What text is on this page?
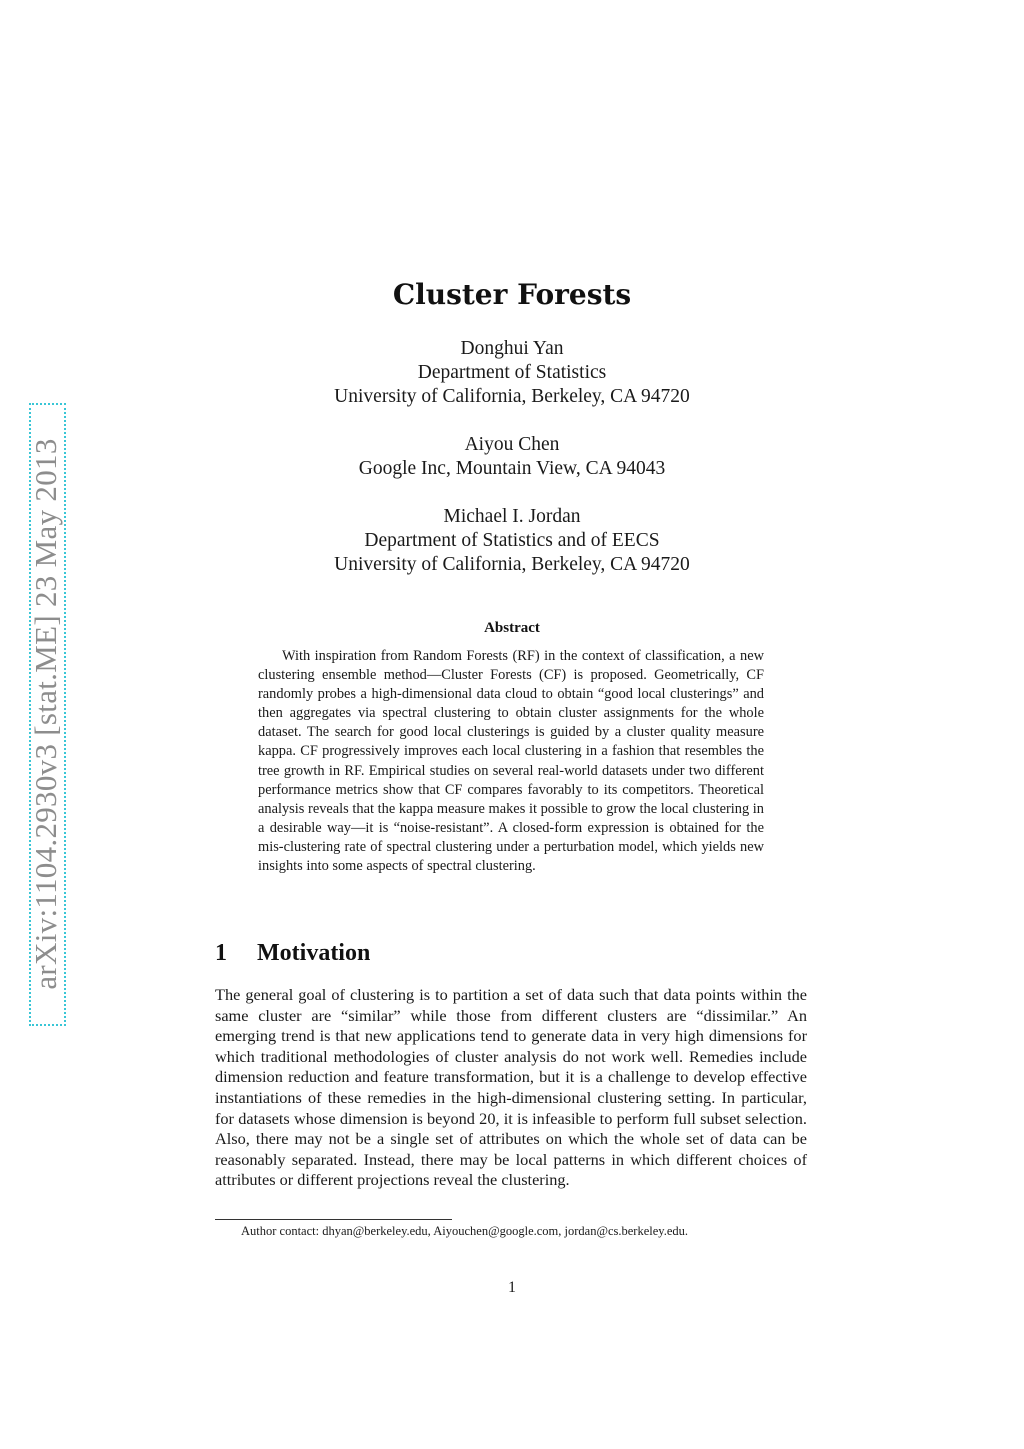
arXiv:1104.2930v3 [stat.ME] 23 May 2013
Cluster Forests
Donghui Yan
Department of Statistics
University of California, Berkeley, CA 94720
Aiyou Chen
Google Inc, Mountain View, CA 94043
Michael I. Jordan
Department of Statistics and of EECS
University of California, Berkeley, CA 94720
Abstract

With inspiration from Random Forests (RF) in the context of classification, a new clustering ensemble method—Cluster Forests (CF) is proposed. Geometrically, CF randomly probes a high-dimensional data cloud to obtain “good local clusterings” and then aggregates via spectral clustering to obtain cluster assignments for the whole dataset. The search for good local clusterings is guided by a cluster quality measure kappa. CF progressively improves each local clustering in a fashion that resembles the tree growth in RF. Empirical studies on several real-world datasets under two different performance metrics show that CF compares favorably to its competitors. Theoretical analysis reveals that the kappa measure makes it possible to grow the local clustering in a desirable way—it is “noise-resistant”. A closed-form expression is obtained for the mis-clustering rate of spectral clustering under a perturbation model, which yields new insights into some aspects of spectral clustering.

1 Motivation

The general goal of clustering is to partition a set of data such that data points within the same cluster are “similar” while those from different clusters are “dissimilar.” An emerging trend is that new applications tend to generate data in very high dimensions for which traditional methodologies of cluster analysis do not work well. Remedies include dimension reduction and feature transformation, but it is a challenge to develop effective instantiations of these remedies in the high-dimensional clustering setting. In particular, for datasets whose dimension is beyond 20, it is infeasible to perform full subset selection. Also, there may not be a single set of attributes on which the whole set of data can be reasonably separated. Instead, there may be local patterns in which different choices of attributes or different projections reveal the clustering.

Author contact: dhyan@berkeley.edu, Aiyouchen@google.com, jordan@cs.berkeley.edu.
1
